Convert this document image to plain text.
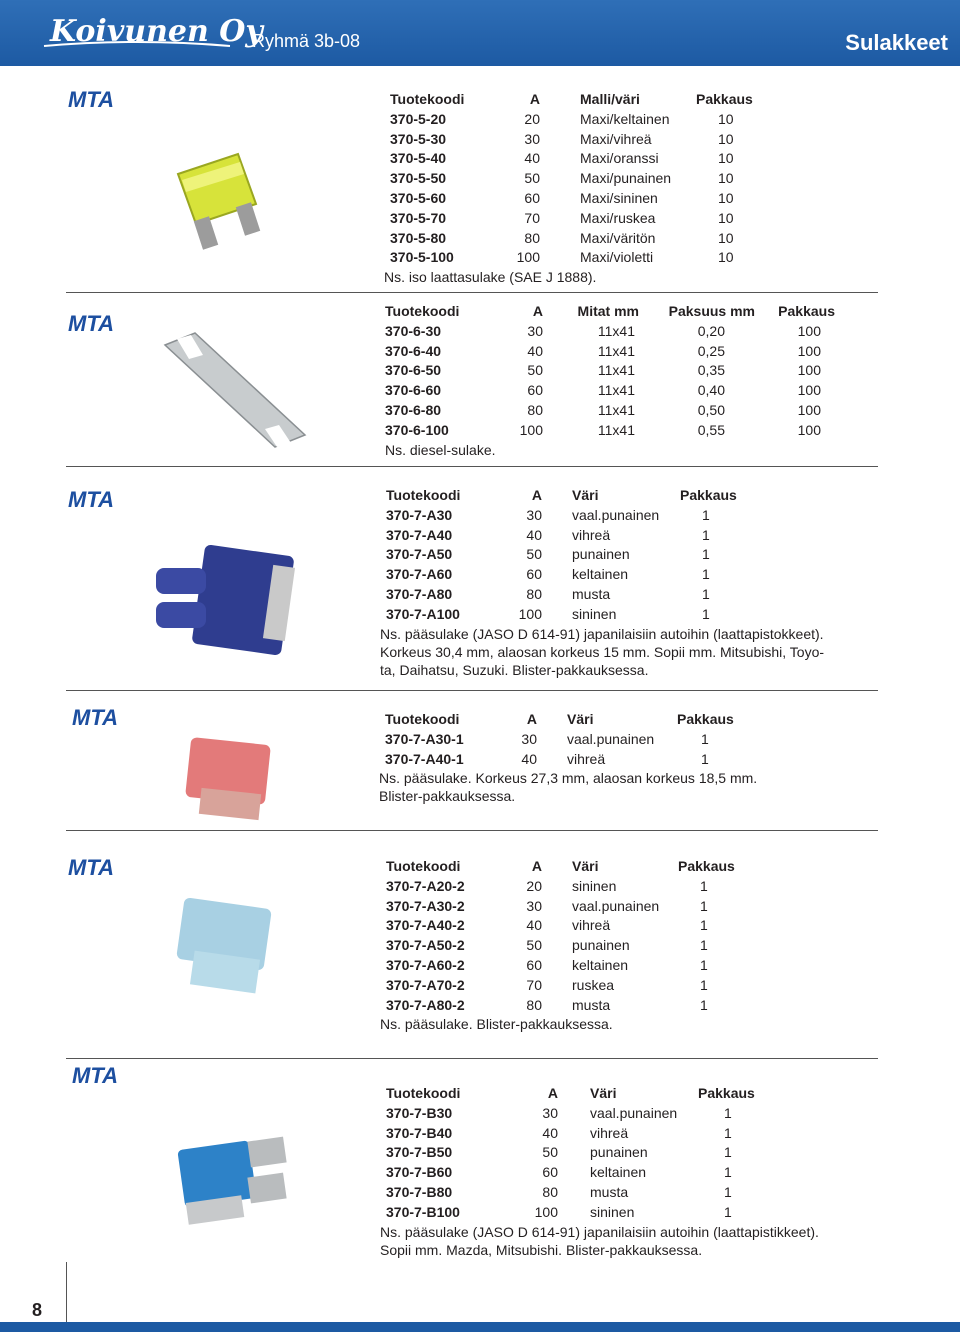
Koivunen Oy
Ryhmä 3b-08	Sulakkeet
MTA
MTA
MTA
MTA
MTA
MTA
Tuotekoodi	A		Malli/väri	Pakkaus
370-5-20	20		Maxi/keltainen	10
370-5-30	30		Maxi/vihreä	10
370-5-40	40		Maxi/oranssi	10
370-5-50	50		Maxi/punainen	10
370-5-60	60		Maxi/sininen	10
370-5-70	70		Maxi/ruskea	10
370-5-80	80		Maxi/väritön	10
370-5-100	100		Maxi/violetti	10
Ns. iso laattasulake (SAE J 1888).
Tuotekoodi	A	Mitat mm	Paksuus mm	Pakkaus
370-6-30	30	11x41	0,20	100
370-6-40	40	11x41	0,25	100
370-6-50	50	11x41	0,35	100
370-6-60	60	11x41	0,40	100
370-6-80	80	11x41	0,50	100
370-6-100	100	11x41	0,55	100
Ns. diesel-sulake.
Tuotekoodi	A		Väri	Pakkaus
370-7-A30	30		vaal.punainen	1
370-7-A40	40		vihreä	1
370-7-A50	50		punainen	1
370-7-A60	60		keltainen	1
370-7-A80	80		musta	1
370-7-A100	100		sininen	1
Ns. pääsulake (JASO D 614-91) japanilaisiin autoihin (laattapistokkeet).
Korkeus 30,4 mm, alaosan korkeus 15 mm. Sopii mm. Mitsubishi, Toyo-
ta, Daihatsu, Suzuki. Blister-pakkauksessa.
Tuotekoodi	A		Väri	Pakkaus
370-7-A30-1	30		vaal.punainen	1
370-7-A40-1	40		vihreä	1
Ns. pääsulake. Korkeus 27,3 mm, alaosan korkeus 18,5 mm.
Blister-pakkauksessa.
Tuotekoodi	A		Väri	Pakkaus
370-7-A20-2	20		sininen	1
370-7-A30-2	30		vaal.punainen	1
370-7-A40-2	40		vihreä	1
370-7-A50-2	50		punainen	1
370-7-A60-2	60		keltainen	1
370-7-A70-2	70		ruskea	1
370-7-A80-2	80		musta	1
Ns. pääsulake. Blister-pakkauksessa.
Tuotekoodi	A		Väri	Pakkaus
370-7-B30	30		vaal.punainen	1
370-7-B40	40		vihreä	1
370-7-B50	50		punainen	1
370-7-B60	60		keltainen	1
370-7-B80	80		musta	1
370-7-B100	100		sininen	1
Ns. pääsulake (JASO D 614-91) japanilaisiin autoihin (laattapistikkeet).
Sopii mm. Mazda, Mitsubishi. Blister-pakkauksessa.
8
